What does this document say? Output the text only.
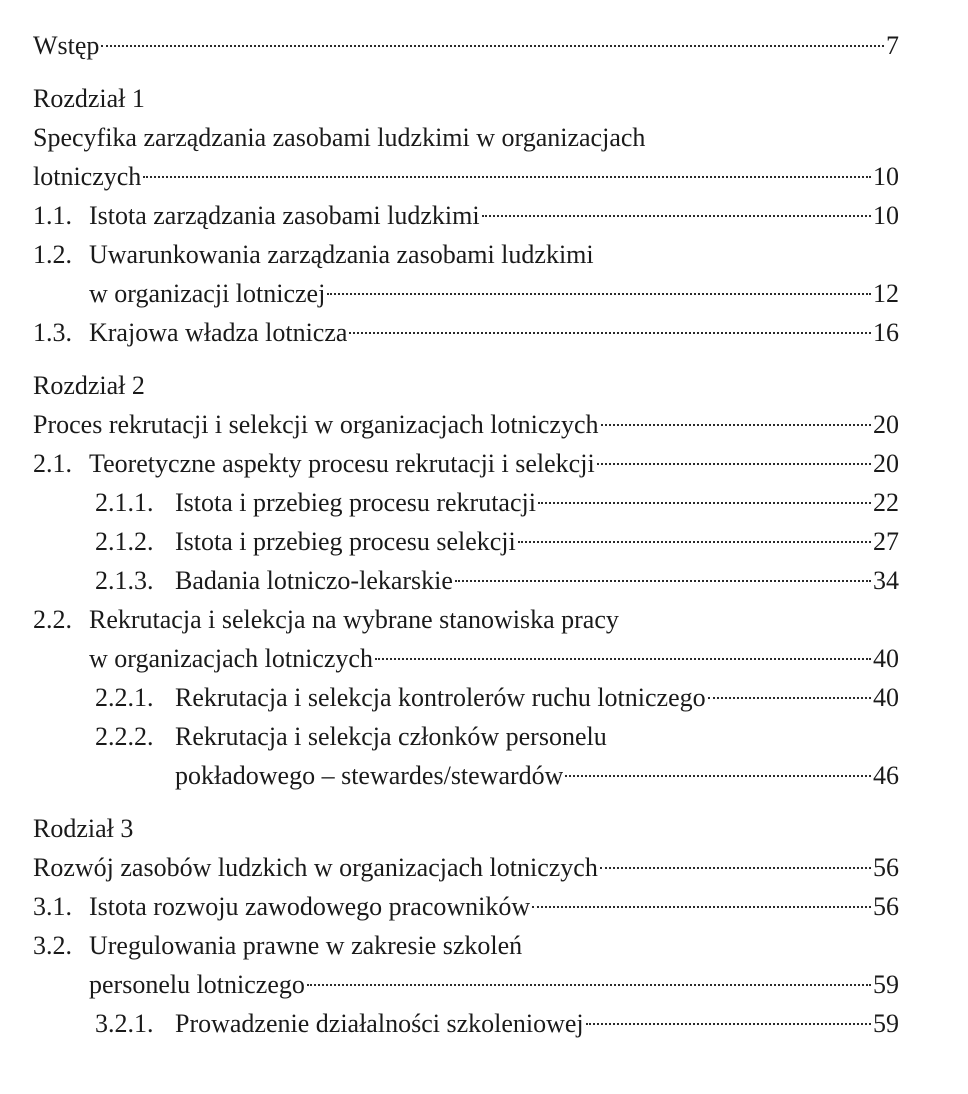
Wstęp	7
Rozdział 1
Specyfika zarządzania zasobami ludzkimi w organizacjach
lotniczych	10
1.1. Istota zarządzania zasobami ludzkimi	10
1.2. Uwarunkowania zarządzania zasobami ludzkimi
w organizacji lotniczej	12
1.3. Krajowa władza lotnicza	16
Rozdział 2
Proces rekrutacji i selekcji w organizacjach lotniczych	20
2.1. Teoretyczne aspekty procesu rekrutacji i selekcji	20
2.1.1. Istota i przebieg procesu rekrutacji	22
2.1.2. Istota i przebieg procesu selekcji	27
2.1.3. Badania lotniczo-lekarskie	34
2.2. Rekrutacja i selekcja na wybrane stanowiska pracy
w organizacjach lotniczych	40
2.2.1. Rekrutacja i selekcja kontrolerów ruchu lotniczego	40
2.2.2. Rekrutacja i selekcja członków personelu
pokładowego – stewardes/stewardów	46
Rodział 3
Rozwój zasobów ludzkich w organizacjach lotniczych	56
3.1. Istota rozwoju zawodowego pracowników	56
3.2. Uregulowania prawne w zakresie szkoleń
personelu lotniczego	59
3.2.1. Prowadzenie działalności szkoleniowej	59
